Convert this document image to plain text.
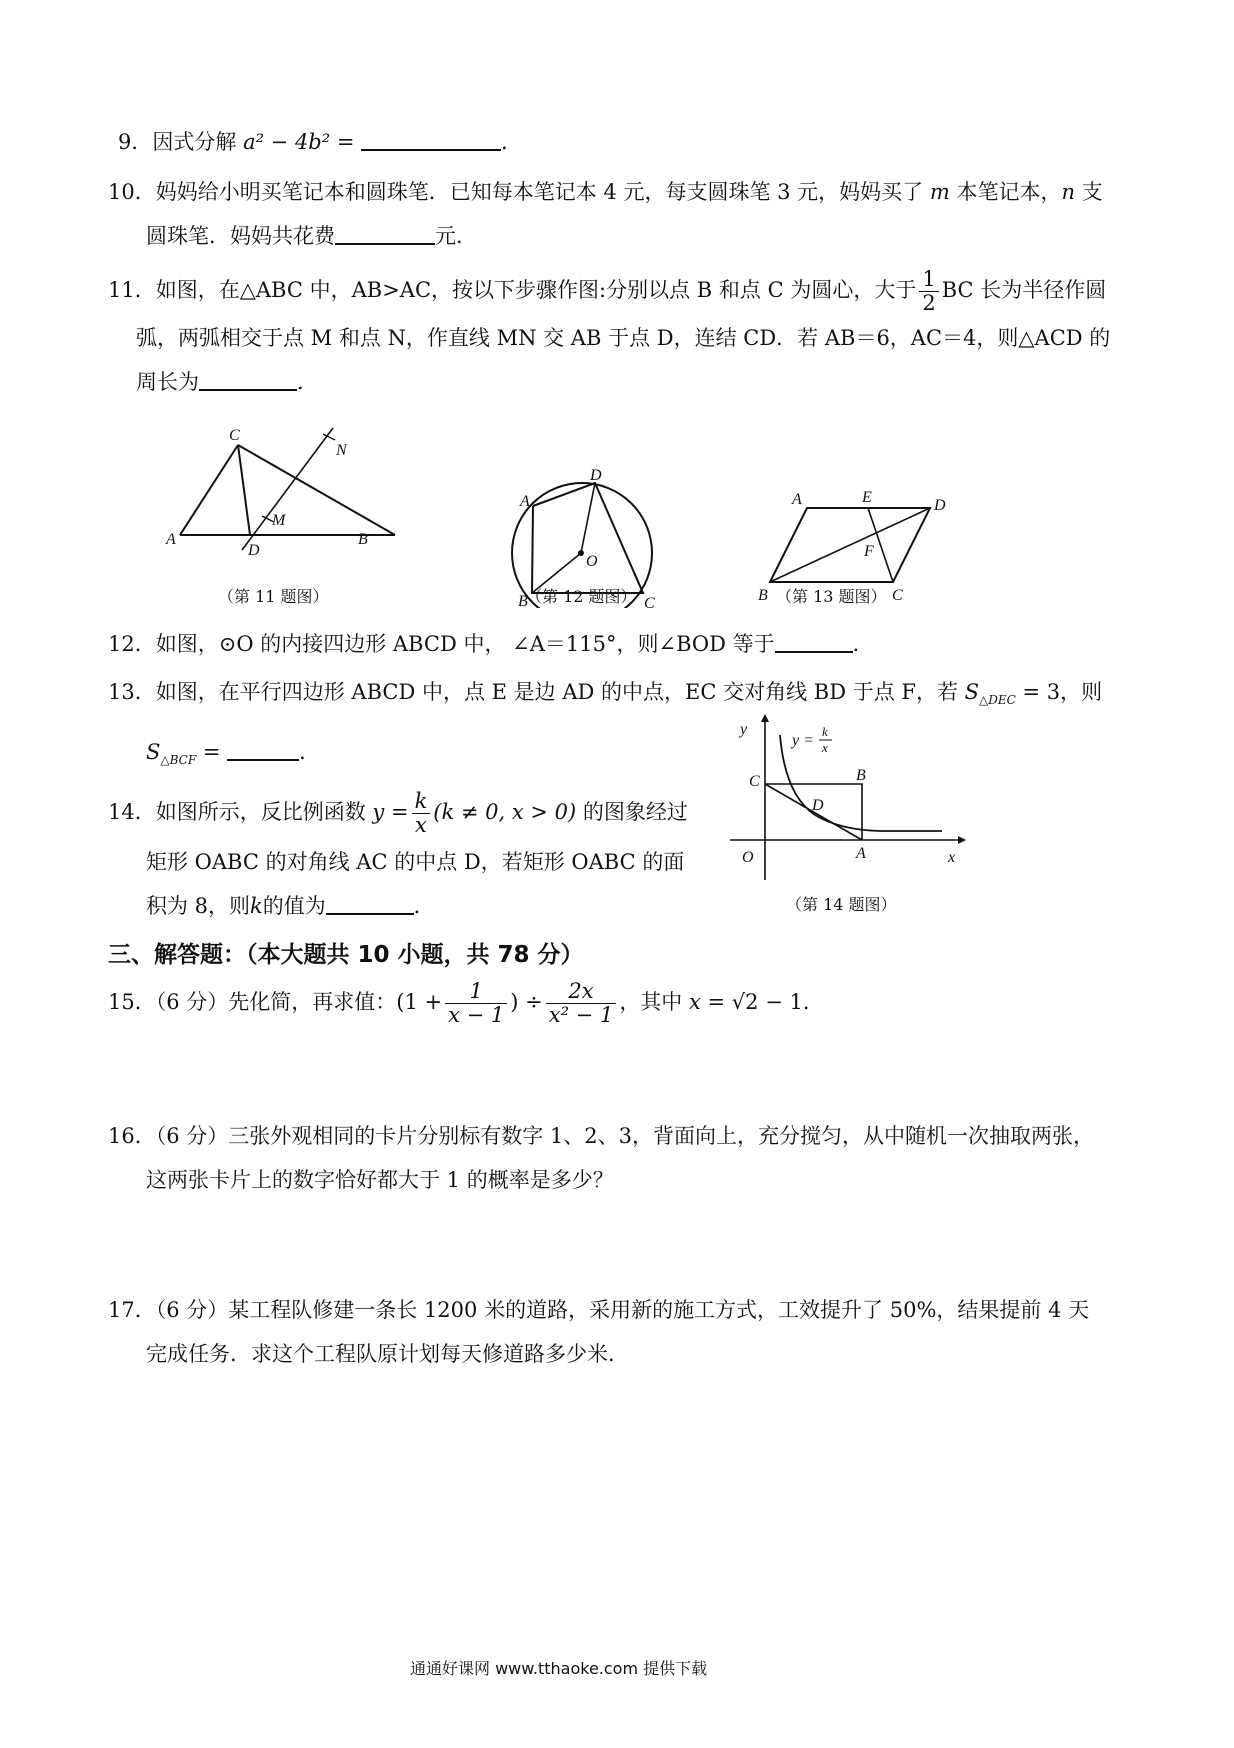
9．因式分解 a² − 4b² =	．
10．妈妈给小明买笔记本和圆珠笔．已知每本笔记本 4 元，每支圆珠笔 3 元，妈妈买了 m 本笔记本，n 支
圆珠笔．妈妈共花费	元．
11．如图，在△ABC 中，AB>AC，按以下步骤作图:分别以点 B 和点 C 为圆心，大于 $\frac{1}{2}$ BC 长为半径作圆
弧，两弧相交于点 M 和点 N，作直线 MN 交 AB 于点 D，连结 CD．若 AB＝6，AC＝4，则△ACD 的
周长为	．
C
N
M
A
D
B
（第 11 题图）
D
A
O
B	C
（第 12 题图）
A	E	D
F
B	C
（第 13 题图）
12．如图，⊙O 的内接四边形 ABCD 中， ∠A＝115°，则∠BOD 等于	．
13．如图，在平行四边形 ABCD 中，点 E 是边 AD 的中点，EC 交对角线 BD 于点 F，若 $S_{\triangle DEC} = 3$，则
$S_{\triangle BCF}$ =	．
14．如图所示，反比例函数 $y = \frac{k}{x} (k \ne 0$, x > 0) 的图象经过
矩形 OABC 的对角线 AC 的中点 D，若矩形 OABC 的面
积为 8，则k的值为	．
y
y =
k
x
C	B
D
O	A	x
（第 14 题图）
三、解答题：（本大题共 10 小题，共 78 分）
15．（6 分）先化简，再求值：($1 + \frac{1}{x - 1}$ ) ÷ $\frac{2x}{\text{x² − 1}}$ ，其中 x = √2 − 1．
16．（6 分）三张外观相同的卡片分别标有数字 1、2、3，背面向上，充分搅匀，从中随机一次抽取两张，
这两张卡片上的数字恰好都大于 1 的概率是多少？
17．（6 分）某工程队修建一条长 1200 米的道路，采用新的施工方式，工效提升了 50%，结果提前 4 天
完成任务．求这个工程队原计划每天修道路多少米．
通通好课网 www.tthaoke.com 提供下载
